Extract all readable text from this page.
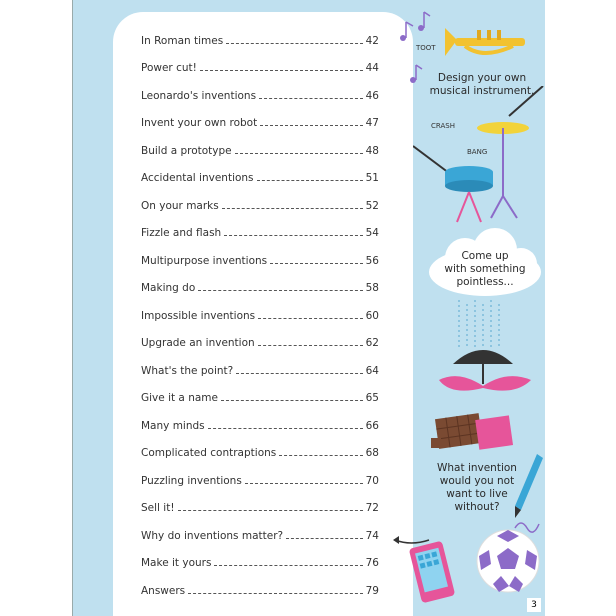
In Roman times	42
Power cut!	44
Leonardo's inventions	46
Invent your own robot	47
Build a prototype	48
Accidental inventions	51
On your marks	52
Fizzle and flash	54
Multipurpose inventions	56
Making do	58
Impossible inventions	60
Upgrade an invention	62
What's the point?	64
Give it a name	65
Many minds	66
Complicated contraptions	68
Puzzling inventions	70
Sell it!	72
Why do inventions matter?	74
Make it yours	76
Answers	79
TOOT
Design your own
musical instrument.
CRASH
BANG
Come up
with something
pointless...
What invention
would you not
want to live
without?
3
